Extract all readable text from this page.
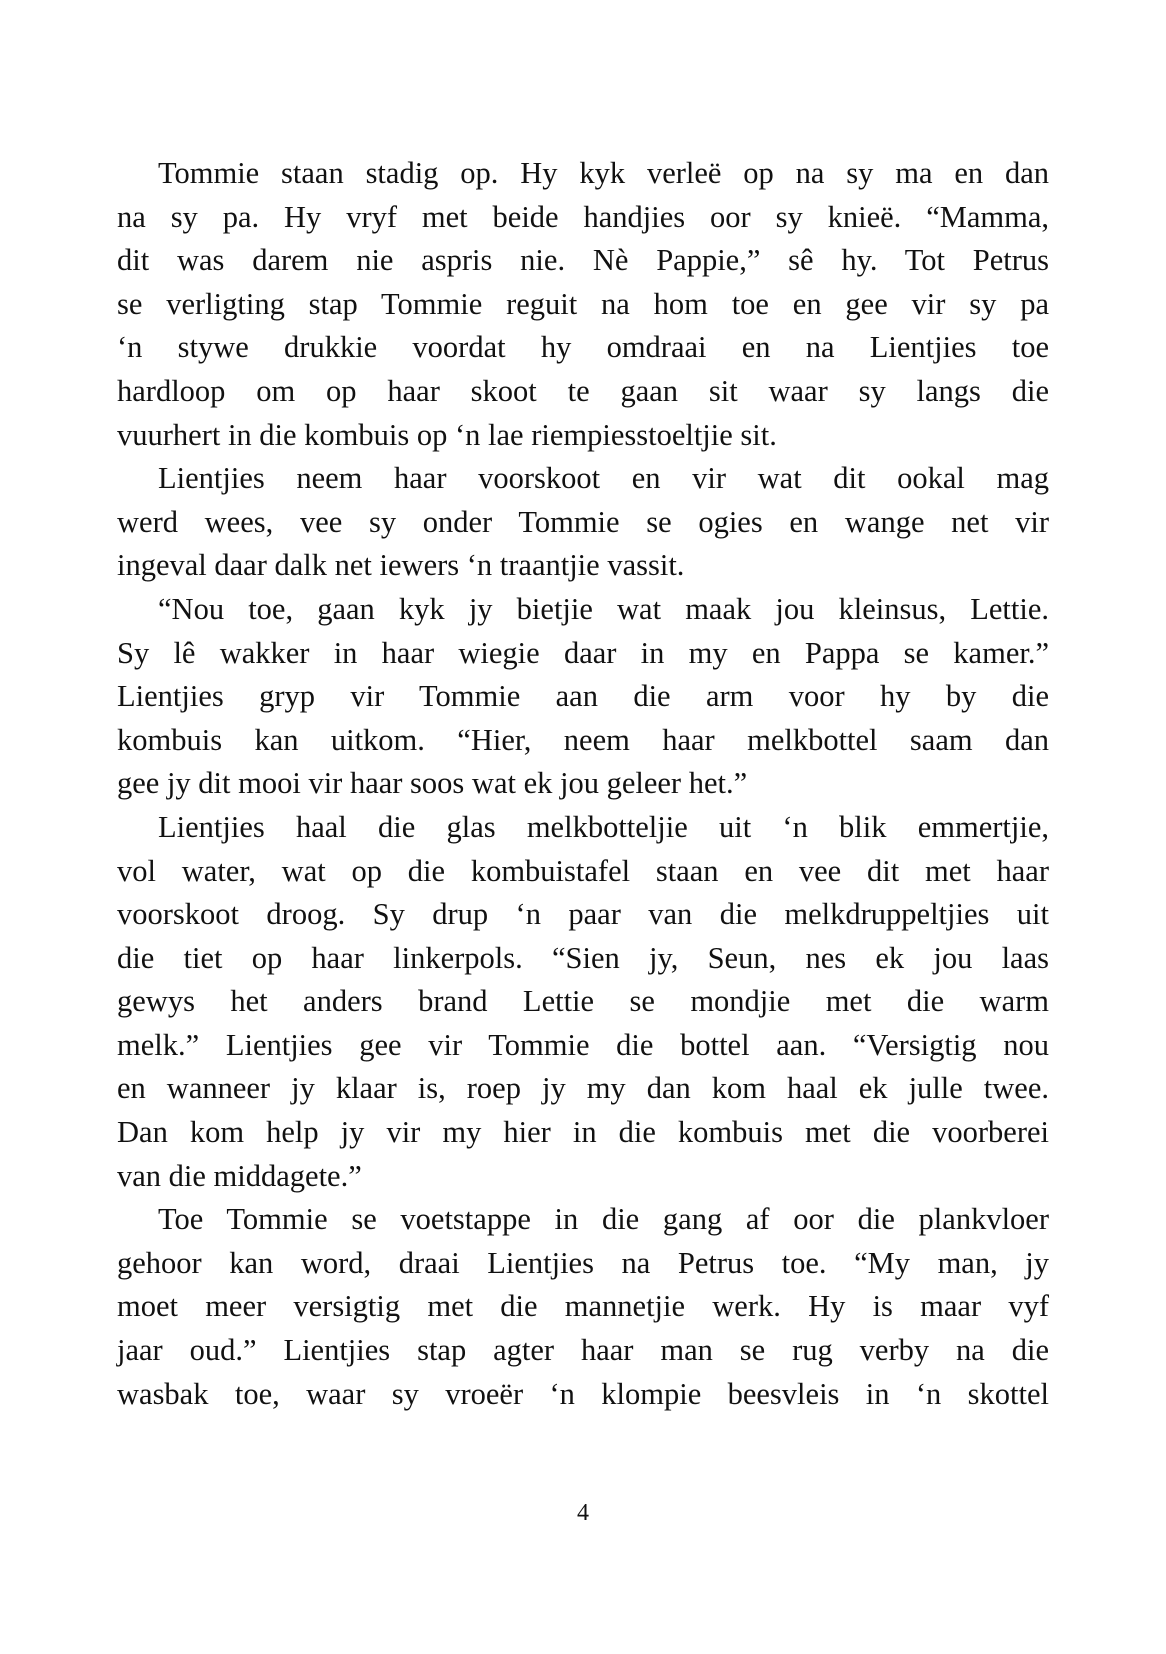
Tommie staan stadig op. Hy kyk verleë op na sy ma en dan
na sy pa. Hy vryf met beide handjies oor sy knieë. “Mamma,
dit was darem nie aspris nie. Nè Pappie,” sê hy. Tot Petrus
se verligting stap Tommie reguit na hom toe en gee vir sy pa
‘n stywe drukkie voordat hy omdraai en na Lientjies toe
hardloop om op haar skoot te gaan sit waar sy langs die
vuurhert in die kombuis op ‘n lae riempiesstoeltjie sit.
Lientjies neem haar voorskoot en vir wat dit ookal mag
werd wees, vee sy onder Tommie se ogies en wange net vir
ingeval daar dalk net iewers ‘n traantjie vassit.
“Nou toe, gaan kyk jy bietjie wat maak jou kleinsus, Lettie.
Sy lê wakker in haar wiegie daar in my en Pappa se kamer.”
Lientjies gryp vir Tommie aan die arm voor hy by die
kombuis kan uitkom. “Hier, neem haar melkbottel saam dan
gee jy dit mooi vir haar soos wat ek jou geleer het.”
Lientjies haal die glas melkbotteljie uit ‘n blik emmertjie,
vol water, wat op die kombuistafel staan en vee dit met haar
voorskoot droog. Sy drup ‘n paar van die melkdruppeltjies uit
die tiet op haar linkerpols. “Sien jy, Seun, nes ek jou laas
gewys het anders brand Lettie se mondjie met die warm
melk.” Lientjies gee vir Tommie die bottel aan. “Versigtig nou
en wanneer jy klaar is, roep jy my dan kom haal ek julle twee.
Dan kom help jy vir my hier in die kombuis met die voorberei
van die middagete.”
Toe Tommie se voetstappe in die gang af oor die plankvloer
gehoor kan word, draai Lientjies na Petrus toe. “My man, jy
moet meer versigtig met die mannetjie werk. Hy is maar vyf
jaar oud.” Lientjies stap agter haar man se rug verby na die
wasbak toe, waar sy vroeër ‘n klompie beesvleis in ‘n skottel
4
